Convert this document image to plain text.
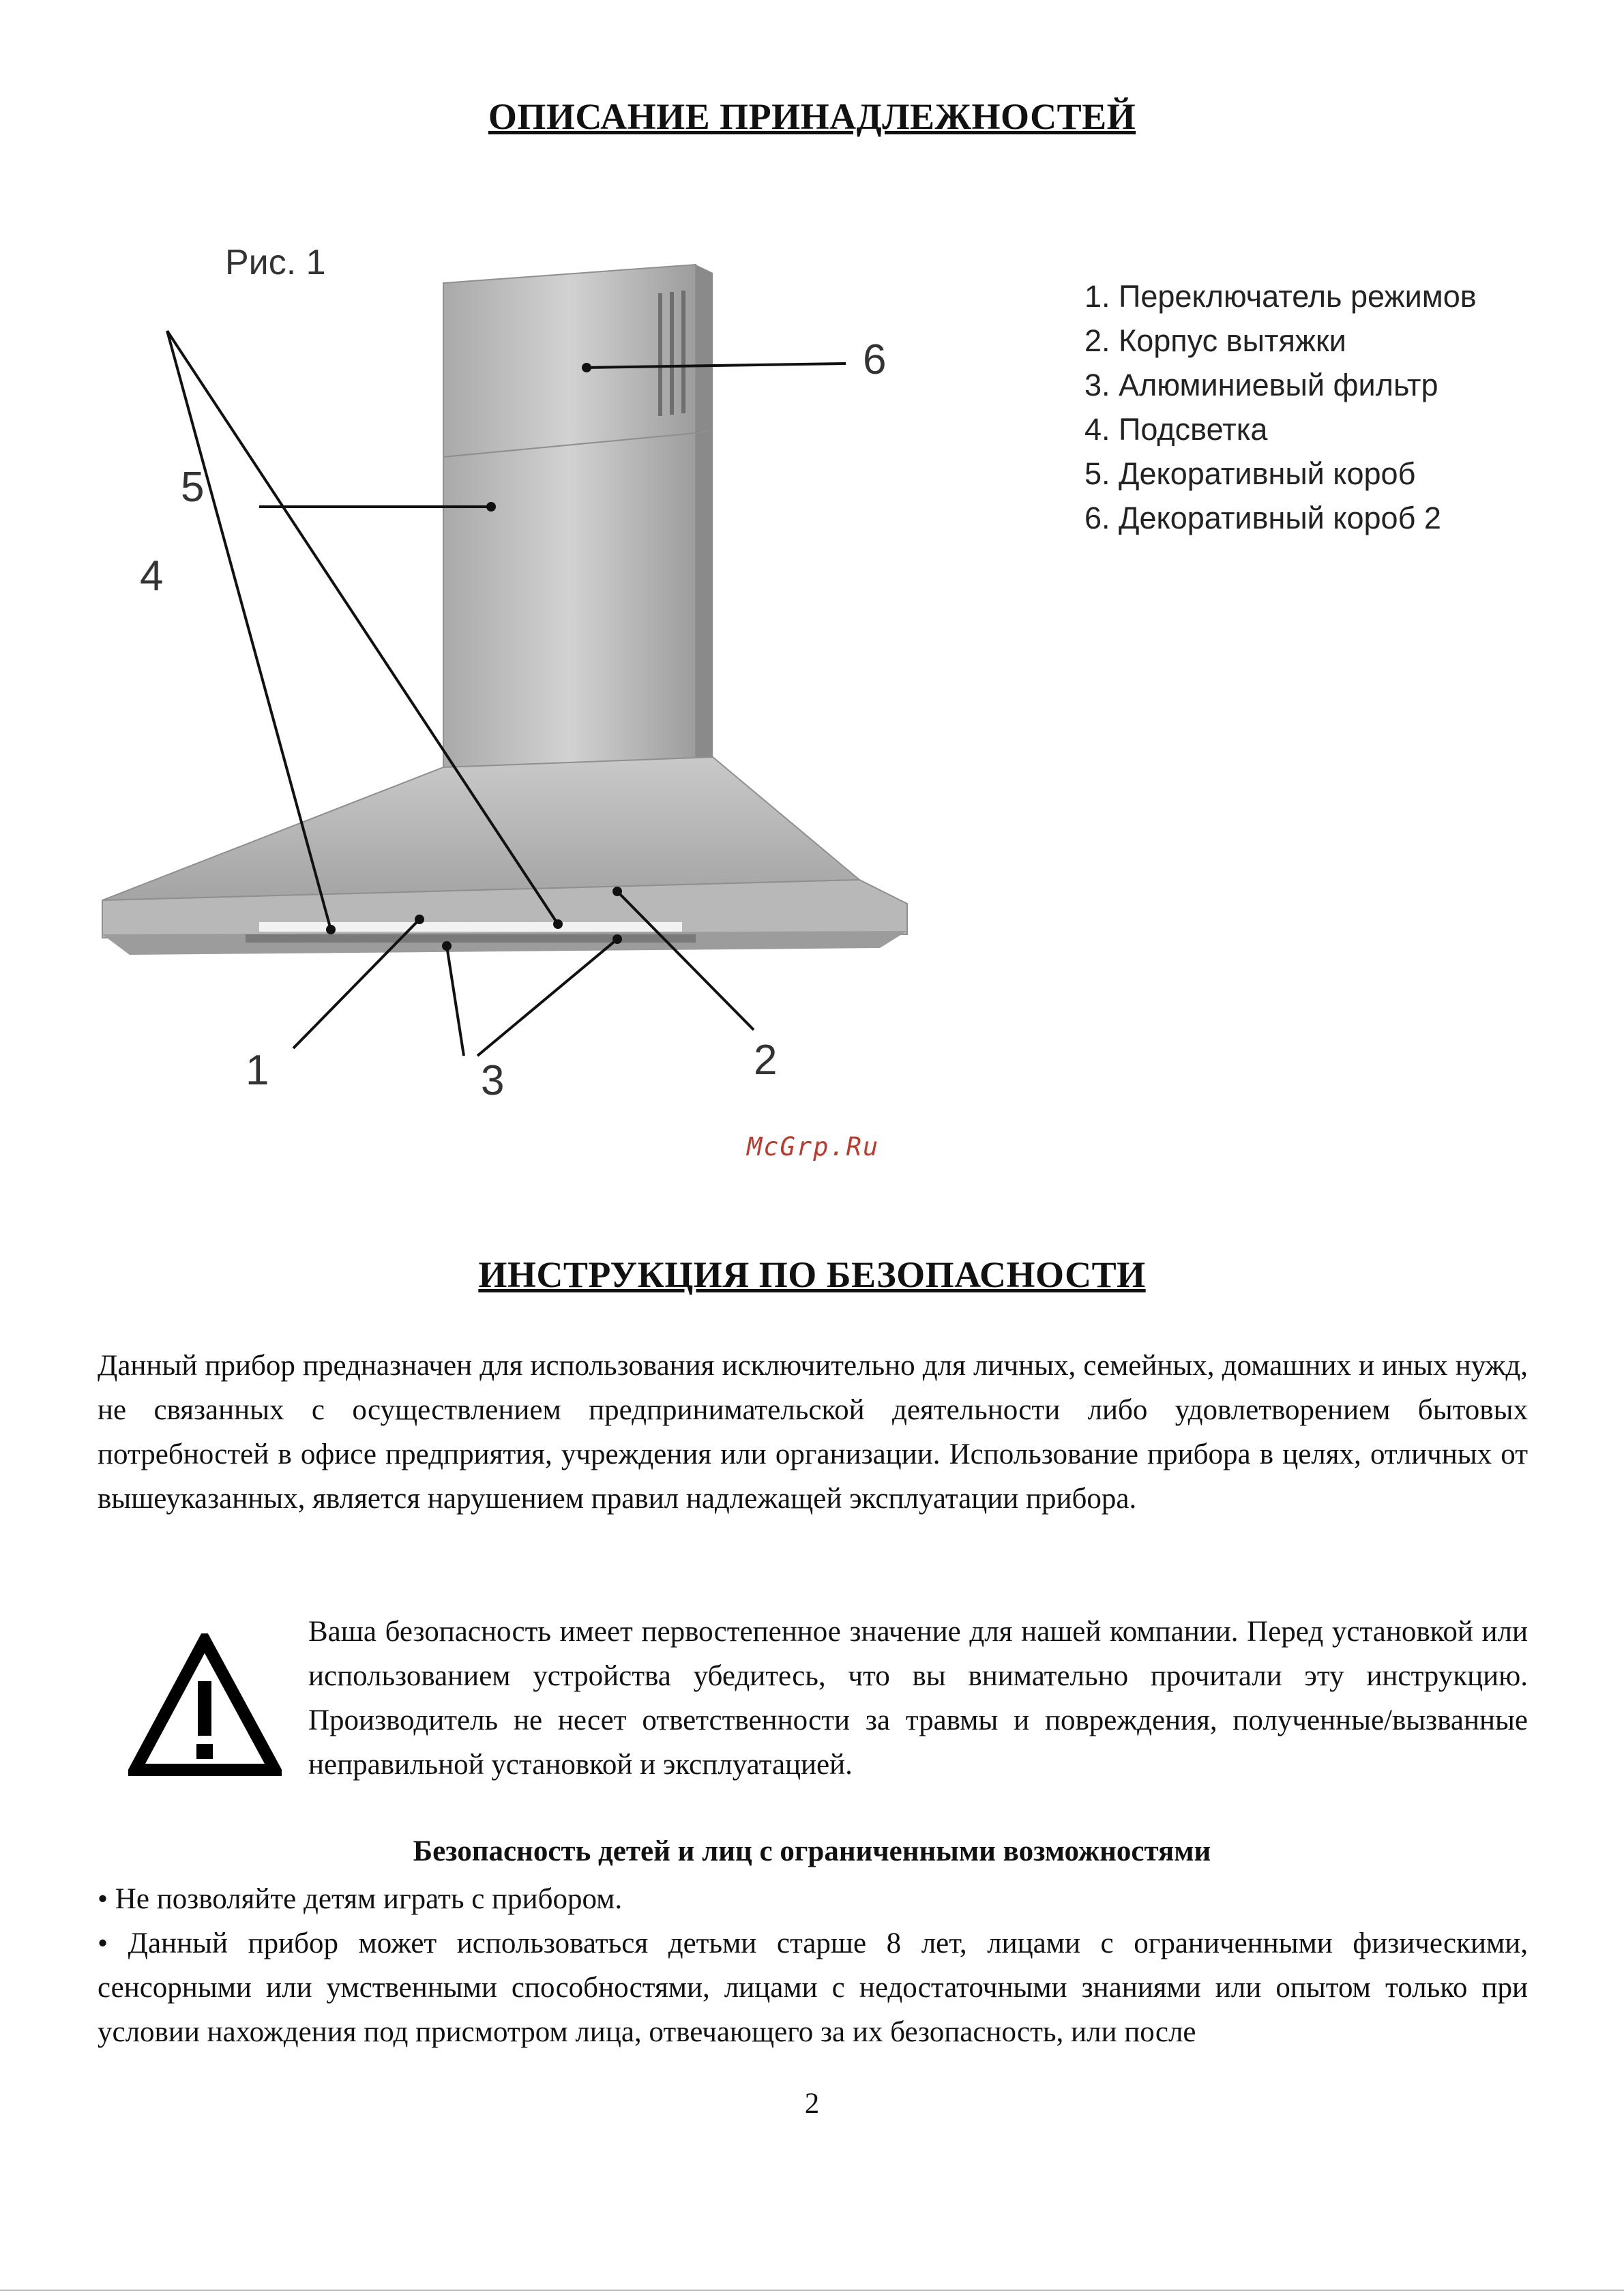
ОПИСАНИЕ ПРИНАДЛЕЖНОСТЕЙ
1	2
3
4
5
6
Рис. 1
1. Переключатель режимов
2. Корпус вытяжки
3. Алюминиевый фильтр
4. Подсветка
5. Декоративный короб
6. Декоративный короб 2
McGrp.Ru
ИНСТРУКЦИЯ ПО БЕЗОПАСНОСТИ

Данный прибор предназначен для использования исключительно для личных, семейных, домашних и иных нужд, не связанных с осуществлением предпринимательской деятельности либо удовлетворением бытовых потребностей в офисе предприятия, учреждения или организации. Использование прибора в целях, отличных от вышеуказанных, является нарушением правил надлежащей эксплуатации прибора.

Ваша безопасность имеет первостепенное значение для нашей компании. Перед установкой или использованием устройства убедитесь, что вы внимательно прочитали эту инструкцию. Производитель не несет ответственности за травмы и повреждения, полученные/вызванные неправильной установкой и эксплуатацией.

Безопасность детей и лиц с ограниченными возможностями

• Не позволяйте детям играть с прибором.

• Данный прибор может использоваться детьми старше 8 лет, лицами с ограниченными физическими, сенсорными или умственными способностями, лицами с недостаточными знаниями или опытом только при условии нахождения под присмотром лица, отвечающего за их безопасность, или после

2
